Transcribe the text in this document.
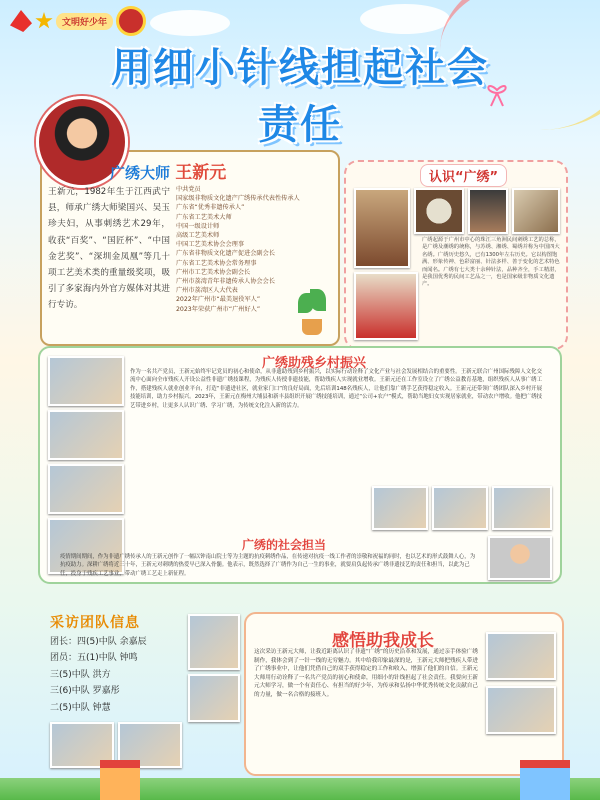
文明好少年
用细小针线担起社会责任
广绣大师 王新元

王新元，1982年生于江西武宁县，师承广绣大师梁国兴、吴玉珍夫妇，从事刺绣艺术29年，收获“百奖”、“国匠杯”、“中国金艺奖”、“深圳金凤凰”等几十项工艺美术类的重量级奖项，吸引了多家海内外官方媒体对其进行专访。

中共党员
国家级非物质文化遗产广绣传承代表性传承人
广东省“优秀非遗传承人”
广东省工艺美术大师
中国一级设计师
高级工艺美术师
中国工艺美术协会会理事
广东省非物质文化遗产促进会副会长
广东省工艺美术协会常务理事
广州市工艺美术协会副会长
广州市荔湾青年非遗传承人协会会长
广州市荔湾区人大代表
2022年广州市“最美退役军人”
2023年荣获广州市“广州好人”
认识“广绣”

广绣起源于广州市中心的珠江三角洲民间刺绣工艺的总称，是广绣及潮绣的统称，与苏绣、湘绣、蜀绣并称为中国四大名绣。广绣历史悠久，已有1300年左右历史。它以构图饱满、形象传神、色彩富丽、针法多样、善于变化的艺术特色而闻名。广绣有七大类十余种针法，品种齐全，手工精湛，是我国优秀的民间工艺品之一，也是国家级非物质文化遗产。

广绣助残乡村振兴

作为一名共产党员，王新元始终牢记党员的初心和使命，从非遗助残到乡村振兴，以实际行动诠释了文化产业与社会发展相结合的重要性。王新元联合广州国际残障人文化交流中心面向全市残疾人开设公益性非遗广绣技课程，为残疾人传授非遗技能，帮助残疾人实现就业增收。王新元还在工作室设立了广绣公益教育基地，组织残疾人从事广绣工作，搭建残疾人就业创业平台，打造“非遗进社区，就业家门口”的良好局面，先后培训148名残疾人，让他们靠广绣手艺获得稳定收入。王新元还带领广绣团队深入乡村开展技能培训，助力乡村振兴。2023年，王新元在梅州大埔县和新丰县组织开展广绣技能培训，通过“公司+农户”模式，帮助当地妇女实现居家就业，带动农户增收。他把广绣技艺带进乡村，让更多人认识广绣、学习广绣，为传统文化注入新的活力。

广绣的社会担当

疫情期间期间，作为非遗广绣传承人的王新元创作了一幅以钟南山院士等为主题的抗疫刺绣作品，在传递对抗疫一线工作者的崇敬和祝福的同时，也以艺术的形式鼓舞人心，为抗疫助力。深耕广绣将近三十年，王新元对刺绣的热爱早已深入骨髓。他表示，既然选择了广绣作为自己一生的事业，就要肩负起传承广绣非遗技艺的责任和担当，以此为己任，投身于残疾工艺事业，带动广绣工艺走上新征程。

采访团队信息
团长：四(5)中队 余嘉辰
团员：五(1)中队 钟鸣
三(5)中队 洪方
三(6)中队 罗嘉彤
二(5)中队 钟慧
感悟助我成长

这次采访王新元大师，让我近距离认识了非遗“广绣”的历史沿革和发展，通过亲手体验广绣制作，我体会到了一针一线的无穷魅力。其中给我印象最深的是，王新元大师把残疾人带进了广绣事业中，让他们凭借自己的双手获得稳定的工作和收入，增强了他们的自信。王新元大师用行动诠释了一名共产党员的初心和使命，用细小的针线担起了社会责任。我要向王新元大师学习，做一个有责任心、有担当的好少年，为传承和弘扬中华优秀传统文化贡献自己的力量，做一名合格的接班人。
